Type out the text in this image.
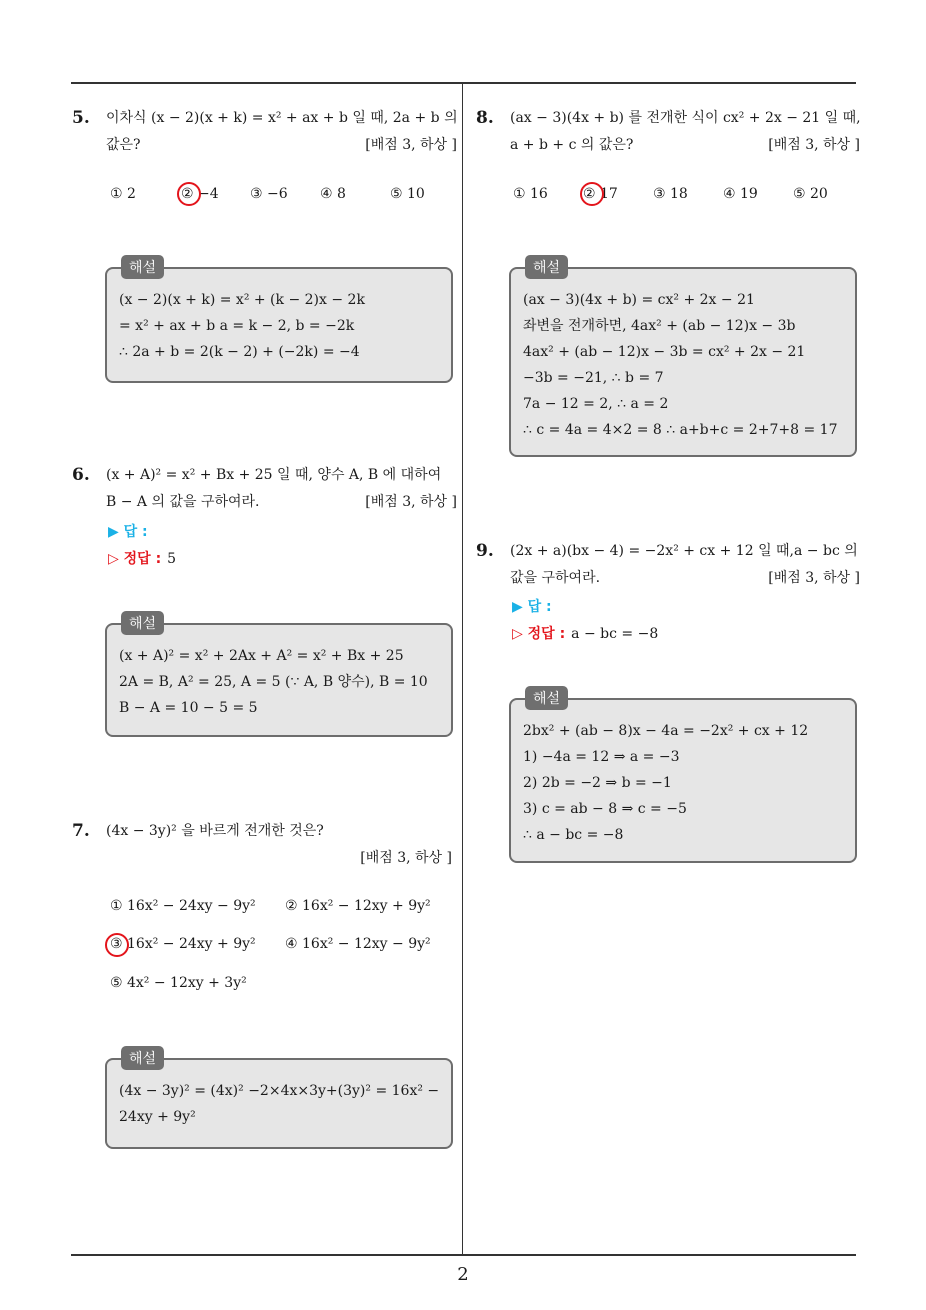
2
5. 이차식 (x − 2)(x + k) = x² + ax + b 일 때, 2a + b 의
값은?	[배점 3, 하상 ]
① 2	② −4 ③ −6 ④ 8	⑤ 10
해설
(x − 2)(x + k) = x² + (k − 2)x − 2k
= x² + ax + b a = k − 2, b = −2k
∴ 2a + b = 2(k − 2) + (−2k) = −4
6. (x + A)² = x² + Bx + 25 일 때, 양수 A, B 에 대하여
B − A 의 값을 구하여라.	[배점 3, 하상 ]
▶ 답 :
▷ 정답 : 5
해설
(x + A)² = x² + 2Ax + A² = x² + Bx + 25
2A = B, A² = 25, A = 5 (∵ A, B 양수), B = 10
B − A = 10 − 5 = 5
7. (4x − 3y)² 을 바르게 전개한 것은?
[배점 3, 하상 ]
① 16x² − 24xy − 9y² ② 16x² − 12xy + 9y²
③ 16x² − 24xy + 9y² ④ 16x² − 12xy − 9y²
⑤ 4x² − 12xy + 3y²
해설
(4x − 3y)² = (4x)² −2×4x×3y+(3y)² = 16x² −
24xy + 9y²
8. (ax − 3)(4x + b) 를 전개한 식이 cx² + 2x − 21 일 때,
a + b + c 의 값은?	[배점 3, 하상 ]
① 16	② 17	③ 18	④ 19	⑤ 20
해설
(ax − 3)(4x + b) = cx² + 2x − 21
좌변을 전개하면, 4ax² + (ab − 12)x − 3b
4ax² + (ab − 12)x − 3b = cx² + 2x − 21
−3b = −21, ∴ b = 7
7a − 12 = 2, ∴ a = 2
∴ c = 4a = 4×2 = 8 ∴ a+b+c = 2+7+8 = 17
9. (2x + a)(bx − 4) = −2x² + cx + 12 일 때,a − bc 의
값을 구하여라.	[배점 3, 하상 ]
▶ 답 :
▷ 정답 : a − bc = −8
해설
2bx² + (ab − 8)x − 4a = −2x² + cx + 12
1) −4a = 12 ⇒ a = −3
2) 2b = −2 ⇒ b = −1
3) c = ab − 8 ⇒ c = −5
∴ a − bc = −8
